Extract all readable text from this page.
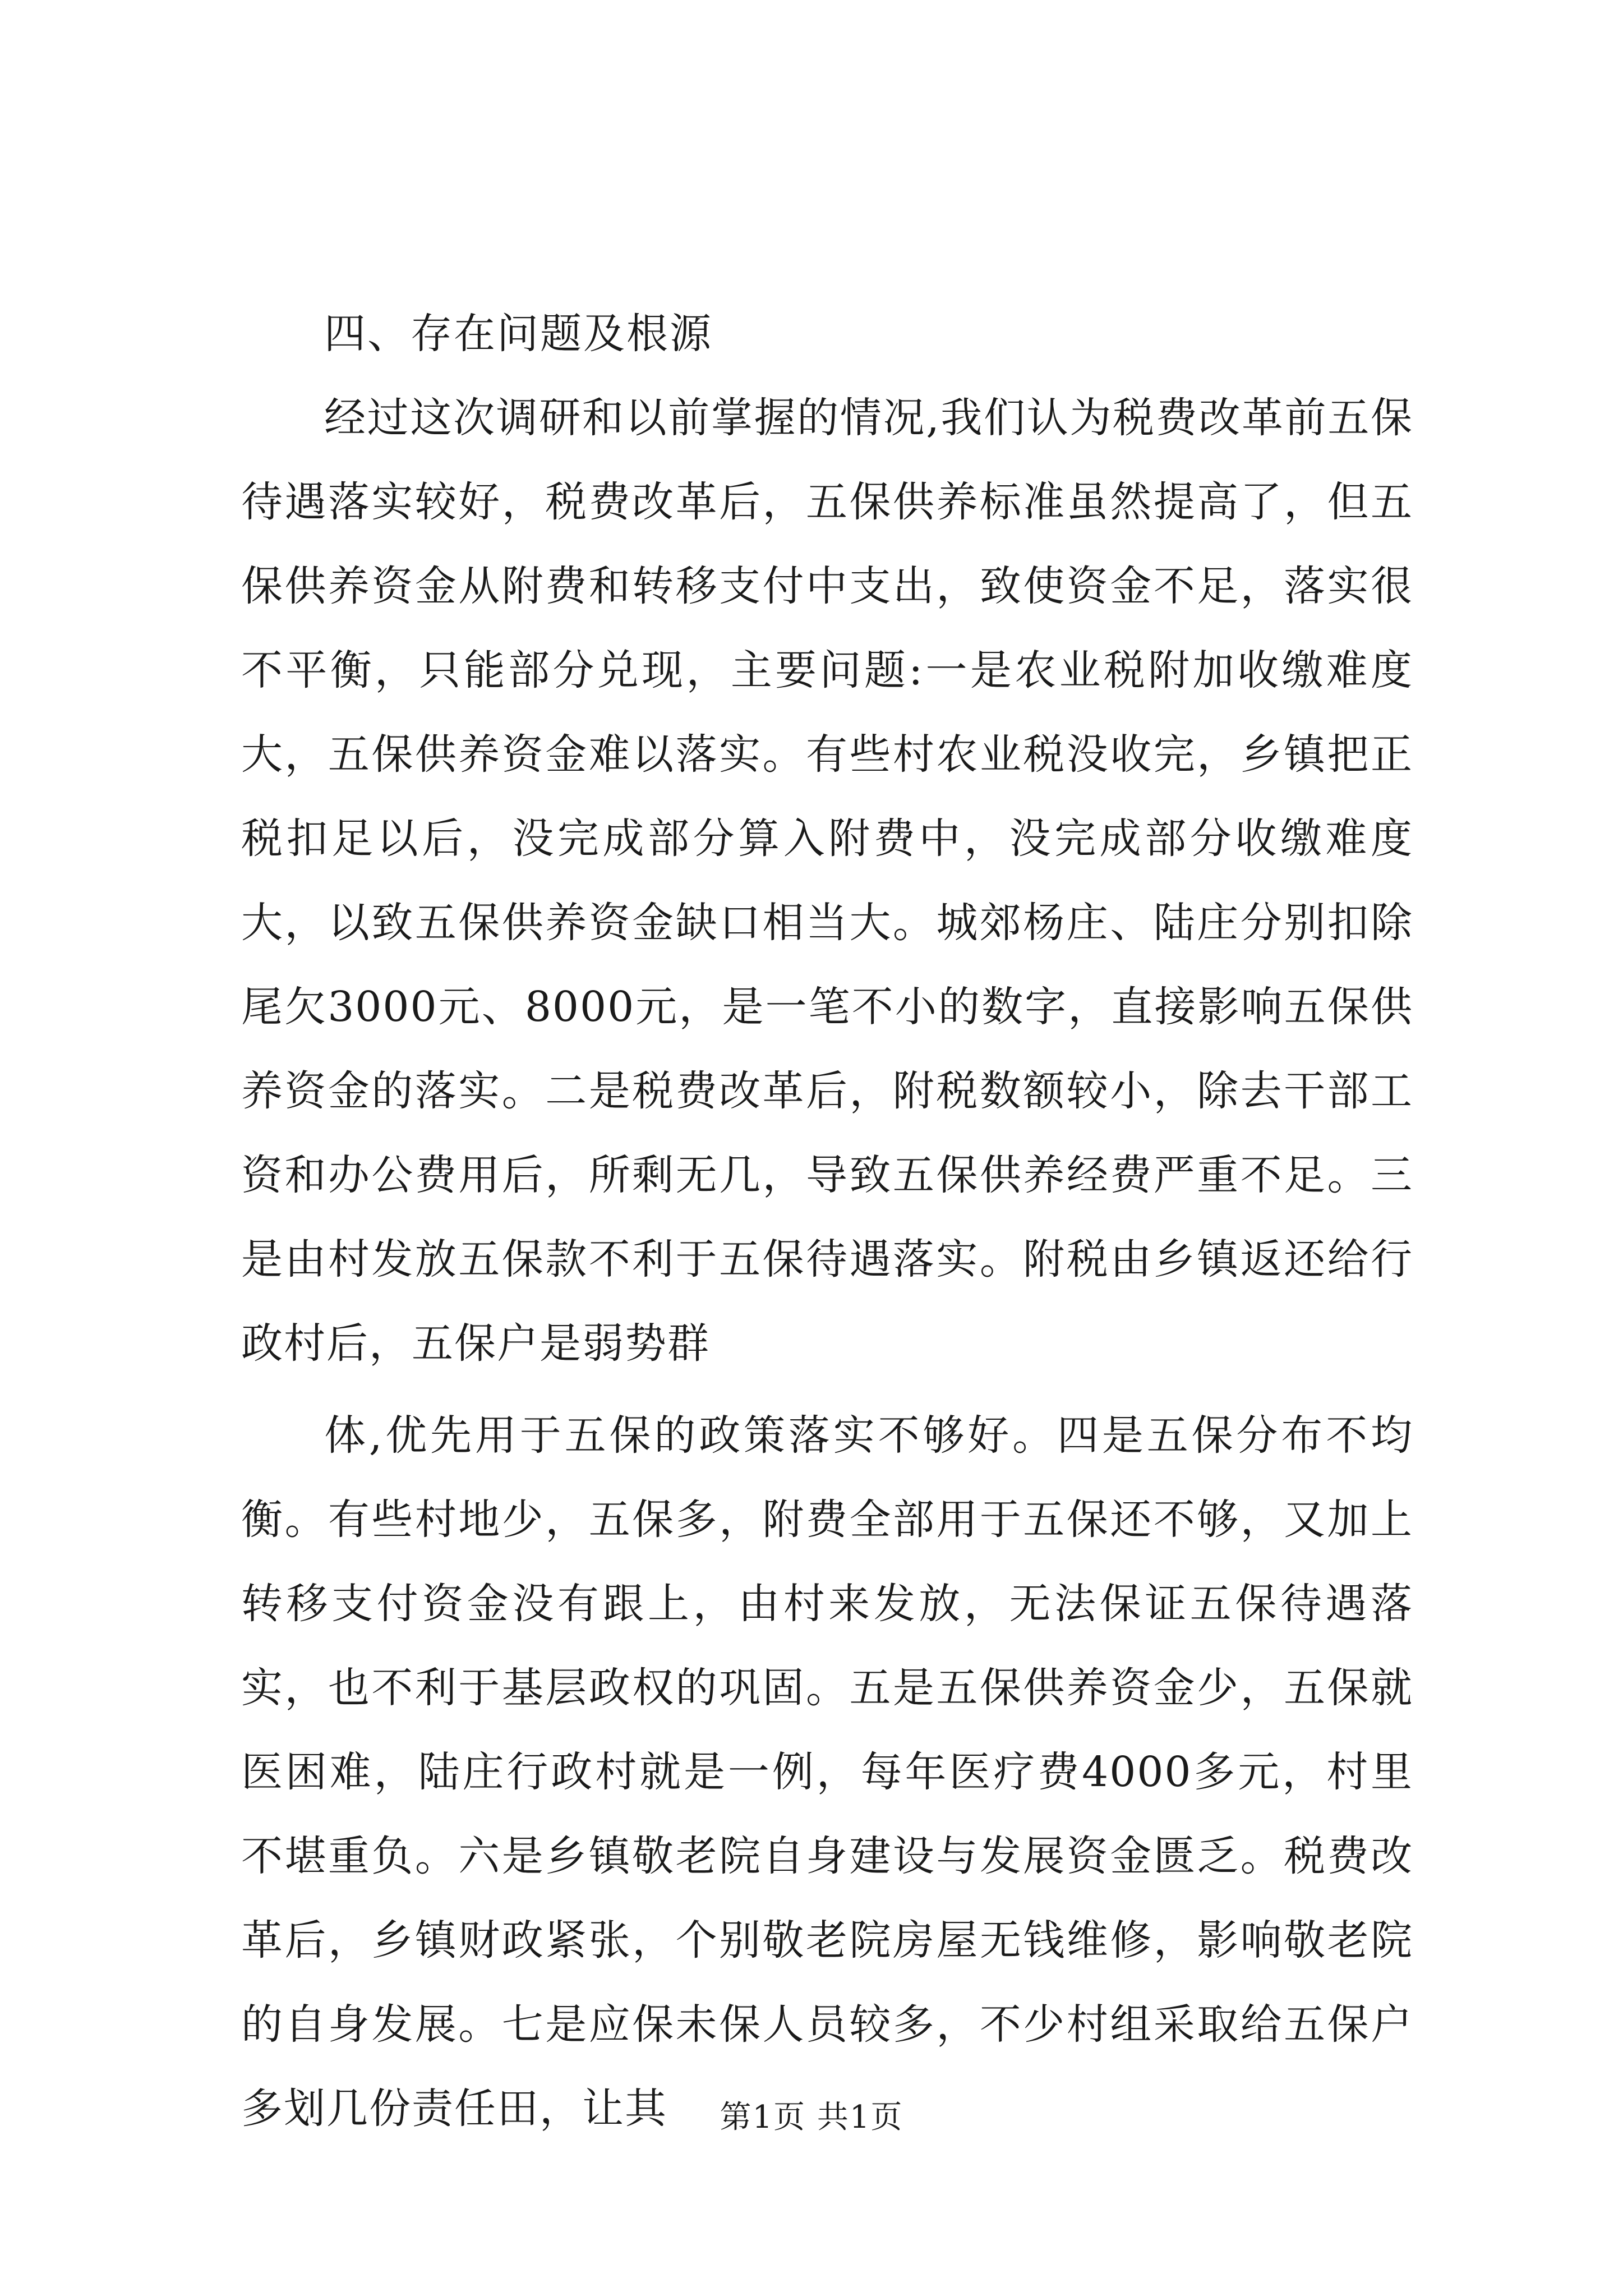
四、存在问题及根源

经过这次调研和以前掌握的情况,我们认为税费改革前五保待遇落实较好，税费改革后，五保供养标准虽然提高了，但五保供养资金从附费和转移支付中支出，致使资金不足，落实很不平衡，只能部分兑现，主要问题:一是农业税附加收缴难度大，五保供养资金难以落实。有些村农业税没收完，乡镇把正税扣足以后，没完成部分算入附费中，没完成部分收缴难度大，以致五保供养资金缺口相当大。城郊杨庄、陆庄分别扣除尾欠3000元、8000元，是一笔不小的数字，直接影响五保供养资金的落实。二是税费改革后，附税数额较小，除去干部工资和办公费用后，所剩无几，导致五保供养经费严重不足。三是由村发放五保款不利于五保待遇落实。附税由乡镇返还给行政村后，五保户是弱势群

体,优先用于五保的政策落实不够好。四是五保分布不均衡。有些村地少，五保多，附费全部用于五保还不够，又加上转移支付资金没有跟上，由村来发放，无法保证五保待遇落实，也不利于基层政权的巩固。五是五保供养资金少，五保就医困难，陆庄行政村就是一例，每年医疗费4000多元，村里不堪重负。六是乡镇敬老院自身建设与发展资金匮乏。税费改革后，乡镇财政紧张，个别敬老院房屋无钱维修，影响敬老院的自身发展。七是应保未保人员较多，不少村组采取给五保户多划几份责任田，让其	第1页 共1页
